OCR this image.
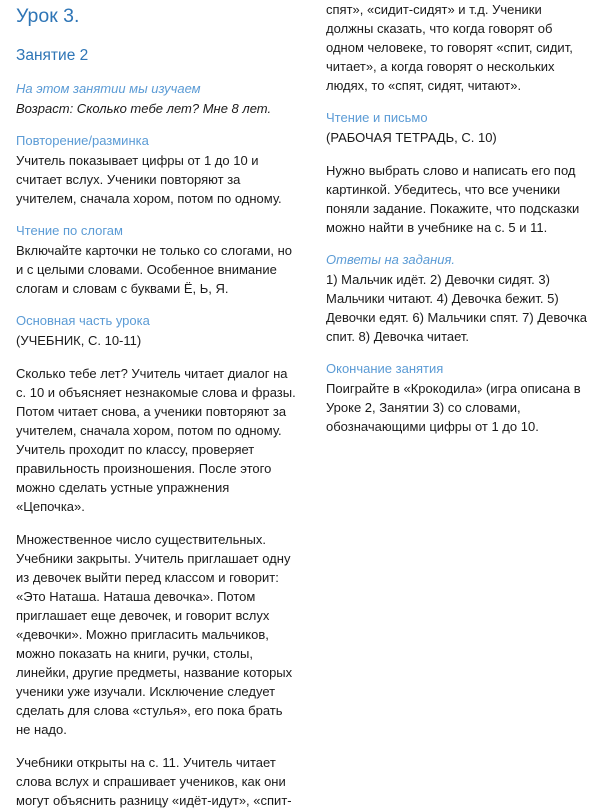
Урок 3.
Занятие 2
На этом занятии мы изучаем

Возраст: Сколько тебе лет? Мне 8 лет.

Повторение/разминка

Учитель показывает цифры от 1 до 10 и считает вслух. Ученики повторяют за учителем, сначала хором, потом по одному.

Чтение по слогам

Включайте карточки не только со слогами, но и с целыми словами. Особенное внимание слогам и словам с буквами Ё, Ь, Я.

Основная часть урока

(УЧЕБНИК, С. 10-11)

Сколько тебе лет? Учитель читает диалог на с. 10 и объясняет незнакомые слова и фразы. Потом читает снова, а ученики повторяют за учителем, сначала хором, потом по одному. Учитель проходит по классу, проверяет правильность произношения. После этого можно сделать устные упражнения «Цепочка».

Множественное число существительных. Учебники закрыты. Учитель приглашает одну из девочек выйти перед классом и говорит: «Это Наташа. Наташа девочка». Потом приглашает еще девочек, и говорит вслух «девочки». Можно пригласить мальчиков, можно показать на книги, ручки, столы, линейки, другие предметы, название которых ученики уже изучали. Исключение следует сделать для слова «стулья», его пока брать не надо.

Учебники открыты на с. 11. Учитель читает слова вслух и спрашивает учеников, как они могут объяснить разницу «идёт-идут», «спит-

спят», «сидит-сидят» и т.д. Ученики должны сказать, что когда говорят об одном человеке, то говорят «спит, сидит, читает», а когда говорят о нескольких людях, то «спят, сидят, читают».

Чтение и письмо

(РАБОЧАЯ ТЕТРАДЬ, С. 10)

Нужно выбрать слово и написать его под картинкой. Убедитесь, что все ученики поняли задание. Покажите, что подсказки можно найти в учебнике на с. 5 и 11.

Ответы на задания.

1) Мальчик идёт. 2) Девочки сидят. 3) Мальчики читают. 4) Девочка бежит. 5) Девочки едят. 6) Мальчики спят. 7) Девочка спит. 8) Девочка читает.

Окончание занятия

Поиграйте в «Крокодила» (игра описана в Уроке 2, Занятии 3) со словами, обозначающими цифры от 1 до 10.
